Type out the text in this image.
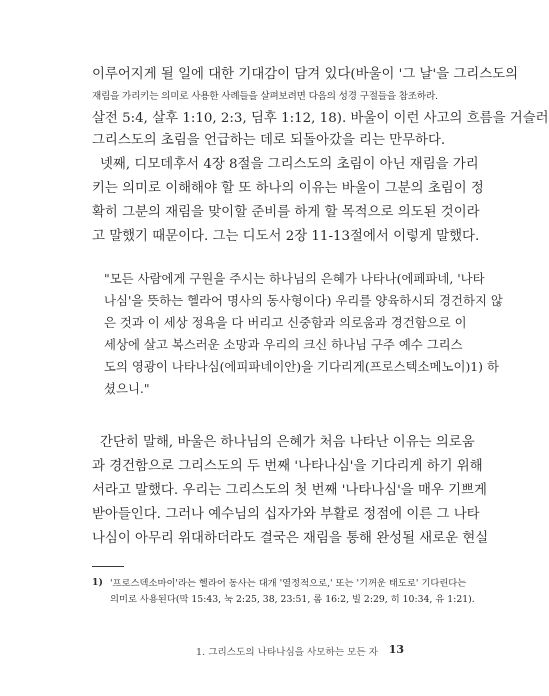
이루어지게 될 일에 대한 기대감이 담겨 있다(바울이 '그 날'을 그리스도의
재림을 가리키는 의미로 사용한 사례들을 살펴보려면 다음의 성경 구절들을 참조하라.
살전 5:4, 살후 1:10, 2:3, 딤후 1:12, 18). 바울이 이런 사고의 흐름을 거슬러
그리스도의 초림을 언급하는 데로 되돌아갔을 리는 만무하다.
넷째, 디모데후서 4장 8절을 그리스도의 초림이 아닌 재림을 가리
키는 의미로 이해해야 할 또 하나의 이유는 바울이 그분의 초림이 정
확히 그분의 재림을 맞이할 준비를 하게 할 목적으로 의도된 것이라
고 말했기 때문이다. 그는 디도서 2장 11-13절에서 이렇게 말했다.
"모든 사람에게 구원을 주시는 하나님의 은혜가 나타나(에페파네, '나타
나심'을 뜻하는 헬라어 명사의 동사형이다) 우리를 양육하시되 경건하지 않
은 것과 이 세상 정욕을 다 버리고 신중함과 의로움과 경건함으로 이
세상에 살고 복스러운 소망과 우리의 크신 하나님 구주 예수 그리스
도의 영광이 나타나심(에피파네이안)을 기다리게(프로스텍소메노이)1) 하
셨으니."
간단히 말해, 바울은 하나님의 은혜가 처음 나타난 이유는 의로움
과 경건함으로 그리스도의 두 번째 '나타나심'을 기다리게 하기 위해
서라고 말했다. 우리는 그리스도의 첫 번째 '나타나심'을 매우 기쁘게
받아들인다. 그러나 예수님의 십자가와 부활로 정점에 이른 그 나타
나심이 아무리 위대하더라도 결국은 재림을 통해 완성될 새로운 현실
1) '프로스덱소마이'라는 헬라어 동사는 대개 '열정적으로,' 또는 '기꺼운 태도로' 기다린다는
의미로 사용된다(막 15:43, 눅 2:25, 38, 23:51, 롬 16:2, 빌 2:29, 히 10:34, 유 1:21).
1. 그리스도의 나타나심을 사모하는 모든 자 13
